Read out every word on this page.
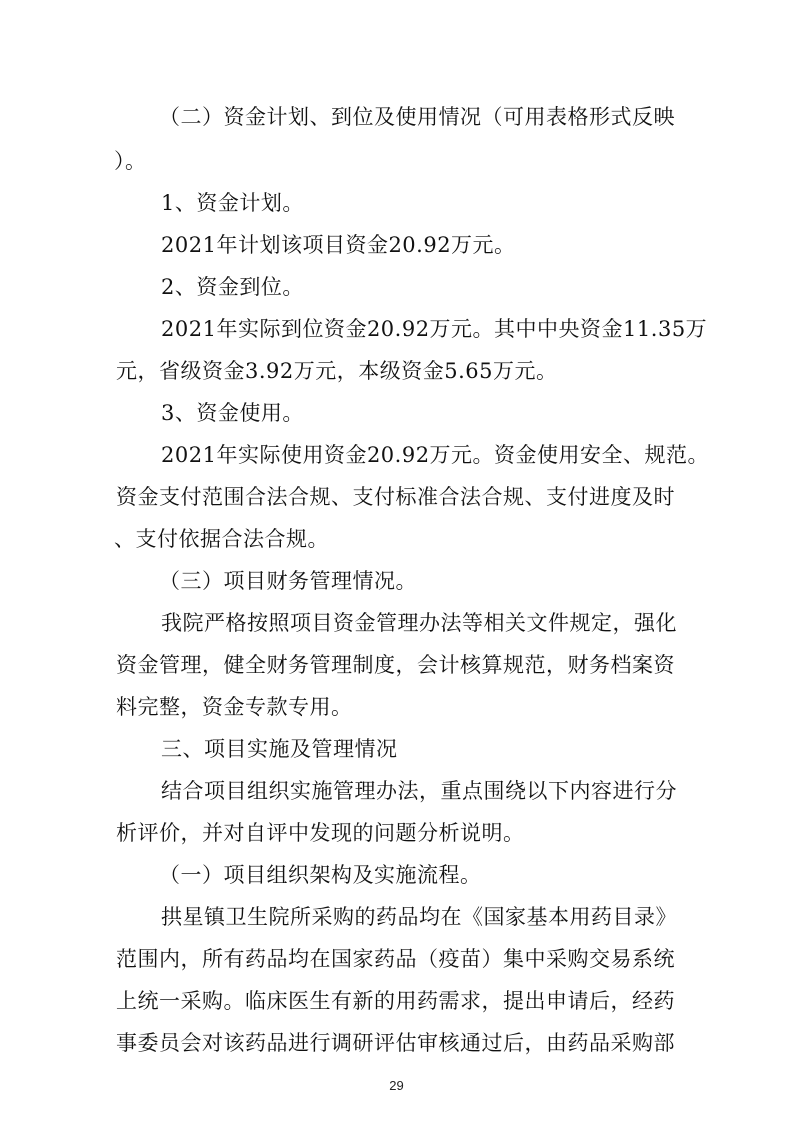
（二）资金计划、到位及使用情况（可用表格形式反映
）。
1、资金计划。
2021年计划该项目资金20.92万元。
2、资金到位。
2021年实际到位资金20.92万元。其中中央资金11.35万
元，省级资金3.92万元，本级资金5.65万元。
3、资金使用。
2021年实际使用资金20.92万元。资金使用安全、规范。
资金支付范围合法合规、支付标准合法合规、支付进度及时
、支付依据合法合规。
（三）项目财务管理情况。
我院严格按照项目资金管理办法等相关文件规定，强化
资金管理，健全财务管理制度，会计核算规范，财务档案资
料完整，资金专款专用。
三、项目实施及管理情况
结合项目组织实施管理办法，重点围绕以下内容进行分
析评价，并对自评中发现的问题分析说明。
（一）项目组织架构及实施流程。
拱星镇卫生院所采购的药品均在《国家基本用药目录》
范围内，所有药品均在国家药品（疫苗）集中采购交易系统
上统一采购。临床医生有新的用药需求，提出申请后，经药
事委员会对该药品进行调研评估审核通过后，由药品采购部
29
